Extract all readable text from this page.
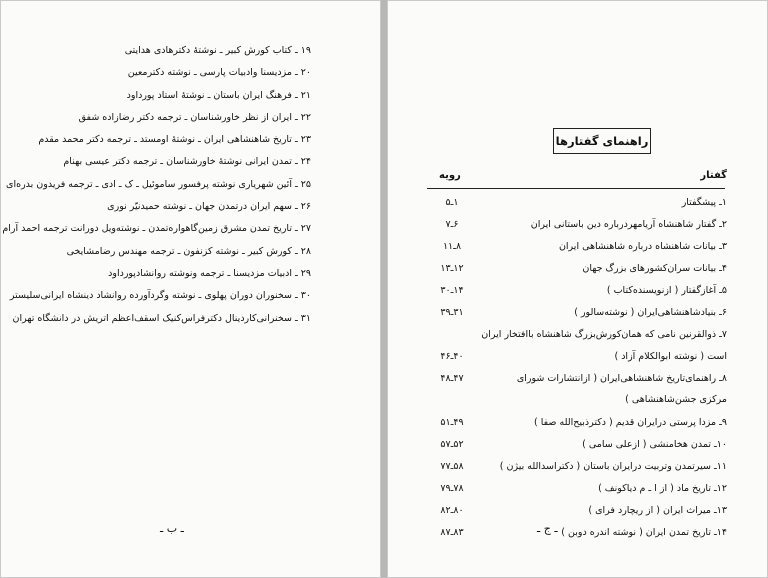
۱۹ ـ کتاب کورش کبیر ـ نوشتهٔ دکترهادی هدایتی
۲۰ ـ مزدیسنا وادبیات پارسی ـ نوشته دکترمعین
۲۱ ـ فرهنگ ایران باستان ـ نوشتهٔ استاد پورداود
۲۲ ـ ایران از نظر خاورشناسان ـ ترجمه دکتر رضازاده شفق
۲۳ ـ تاریخ شاهنشاهی ایران ـ نوشتهٔ اومستد ـ ترجمه دکتر محمد مقدم
۲۴ ـ تمدن ایرانی نوشتهٔ خاورشناسان ـ ترجمه دکتر عیسی بهنام
۲۵ ـ آئین شهریاری نوشته پرفسور ساموئیل ـ ک ـ ادی ـ ترجمه فریدون بدره‌ای
۲۶ ـ سهم ایران درتمدن جهان ـ نوشته حمیدنیّر نوری
۲۷ ـ تاریخ تمدن مشرق زمین‌گاهواره‌تمدن ـ نوشته‌ویل دورانت ترجمه احمد آرام
۲۸ ـ کورش کبیر ـ نوشته کزنفون ـ ترجمه مهندس رضامشایخی
۲۹ ـ ادبیات مزدیسنا ـ ترجمه ونوشته روانشادپورداود
۳۰ ـ سخنوران دوران پهلوی ـ نوشته وگردآورده روانشاد دینشاه ایرانی‌سلیستر
۳۱ ـ سخنرانی‌کاردینال دکترفراس‌کنیک اسقف‌اعظم اتریش در دانشگاه تهران
ـ ب ـ
راهنمای گفتارها
رویه	گفتار
۱ـ پیشگفتار
۱ـ۵
۲ـ گفتار شاهنشاه آریامهردرباره دین باستانی ایران
۶ـ۷
۳ـ بیانات شاهنشاه درباره شاهنشاهی ایران
۸ـ۱۱
۴ـ بیانات سران‌کشورهای بزرگ جهان
۱۲ـ۱۳
۵ـ آغازگفتار ( ازنویسنده‌کتاب )
۱۴ـ۳۰
۶ـ بنیادشاهنشاهی‌ایران ( نوشته‌سالور )
۳۱ـ۳۹
۷ـ ذوالقرنین نامی که همان‌کورش‌بزرگ شاهنشاه باافتخار ایران
است ( نوشته ابوالکلام آزاد )
۴۰ـ۴۶
۸ـ راهنمای‌تاریخ شاهنشاهی‌ایران ( ازانتشارات شورای مرکزی جشن‌شاهنشاهی )
۴۷ـ۴۸
۹ـ مزدا پرستی درایران قدیم ( دکترذبیح‌الله صفا )
۴۹ـ۵۱
۱۰ـ تمدن هخامنشی ( ازعلی سامی )
۵۲ـ۵۷
۱۱ـ سیرتمدن وتربیت درایران باستان ( دکتراسدالله بیژن )
۵۸ـ۷۷
۱۲ـ تاریخ ماد ( از ا ـ م دیاکونف )
۷۸ـ۷۹
۱۳ـ میراث ایران ( از ریچارد فرای )
۸۰ـ۸۲
۱۴ـ تاریخ تمدن ایران ( نوشته اندره دوبن )
۸۳ـ۸۷	ـ ج ـ
